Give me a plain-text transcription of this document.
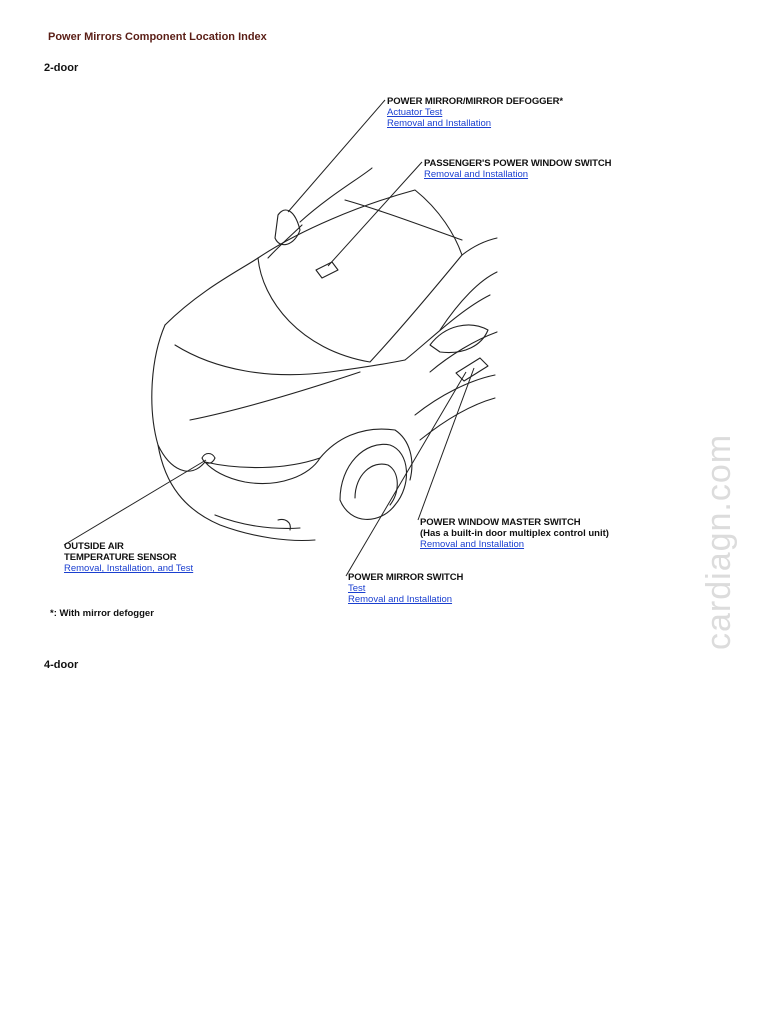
Power Mirrors Component Location Index
2-door
POWER MIRROR/MIRROR DEFOGGER*
Actuator Test
Removal and Installation
PASSENGER'S POWER WINDOW SWITCH
Removal and Installation
POWER WINDOW MASTER SWITCH
(Has a built-in door multiplex control unit)
Removal and Installation
POWER MIRROR SWITCH
Test
Removal and Installation
OUTSIDE AIR
TEMPERATURE SENSOR
Removal, Installation, and Test
*: With mirror defogger
4-door
cardiagn.com
